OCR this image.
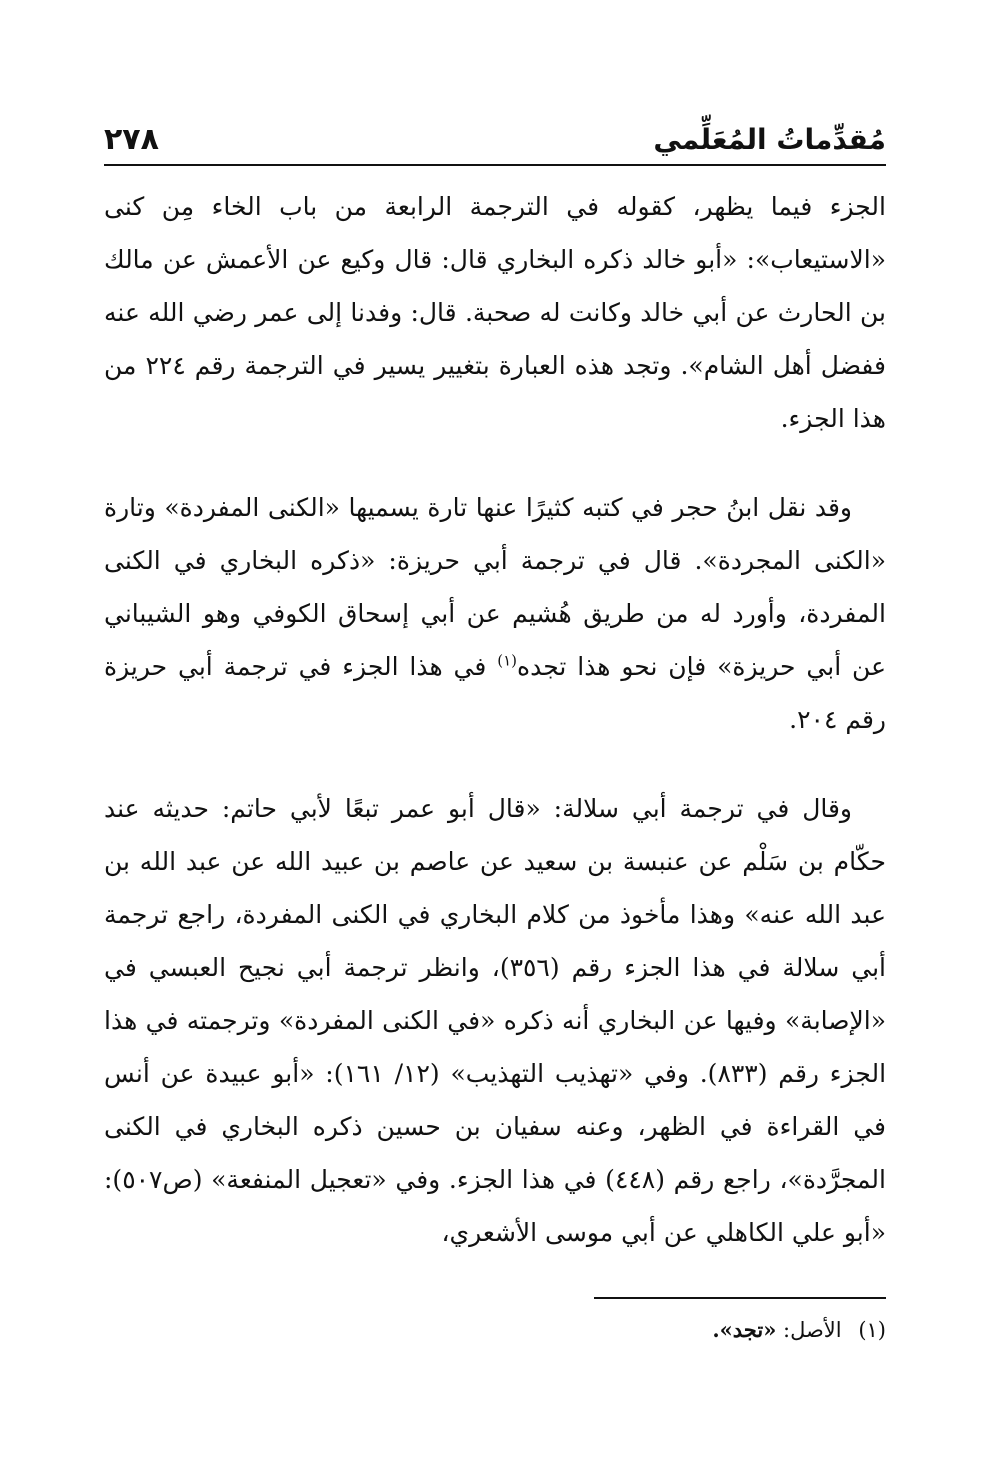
مُقدِّماتُ المُعَلِّمي
٢٧٨

الجزء فيما يظهر، كقوله في الترجمة الرابعة من باب الخاء مِن كنى «الاستيعاب»: «أبو خالد ذكره البخاري قال: قال وكيع عن الأعمش عن مالك بن الحارث عن أبي خالد وكانت له صحبة. قال: وفدنا إلى عمر رضي الله عنه ففضل أهل الشام». وتجد هذه العبارة بتغيير يسير في الترجمة رقم ٢٢٤ من هذا الجزء.

وقد نقل ابنُ حجر في كتبه كثيرًا عنها تارة يسميها «الكنى المفردة» وتارة «الكنى المجردة». قال في ترجمة أبي حريزة: «ذكره البخاري في الكنى المفردة، وأورد له من طريق هُشيم عن أبي إسحاق الكوفي وهو الشيباني عن أبي حريزة» فإن نحو هذا تجده$^{(١)}$ في هذا الجزء في ترجمة أبي حريزة رقم ٢٠٤.

وقال في ترجمة أبي سلالة: «قال أبو عمر تبعًا لأبي حاتم: حديثه عند حكّام بن سَلْم عن عنبسة بن سعيد عن عاصم بن عبيد الله عن عبد الله بن عبد الله عنه» وهذا مأخوذ من كلام البخاري في الكنى المفردة، راجع ترجمة أبي سلالة في هذا الجزء رقم (٣٥٦)، وانظر ترجمة أبي نجيح العبسي في «الإصابة» وفيها عن البخاري أنه ذكره «في الكنى المفردة» وترجمته في هذا الجزء رقم (٨٣٣). وفي «تهذيب التهذيب» (١٢/ ١٦١): «أبو عبيدة عن أنس في القراءة في الظهر، وعنه سفيان بن حسين ذكره البخاري في الكنى المجرَّدة»، راجع رقم (٤٤٨) في هذا الجزء. وفي «تعجيل المنفعة» (ص٥٠٧): «أبو علي الكاهلي عن أبي موسى الأشعري،

(١) الأصل: «تجد».
